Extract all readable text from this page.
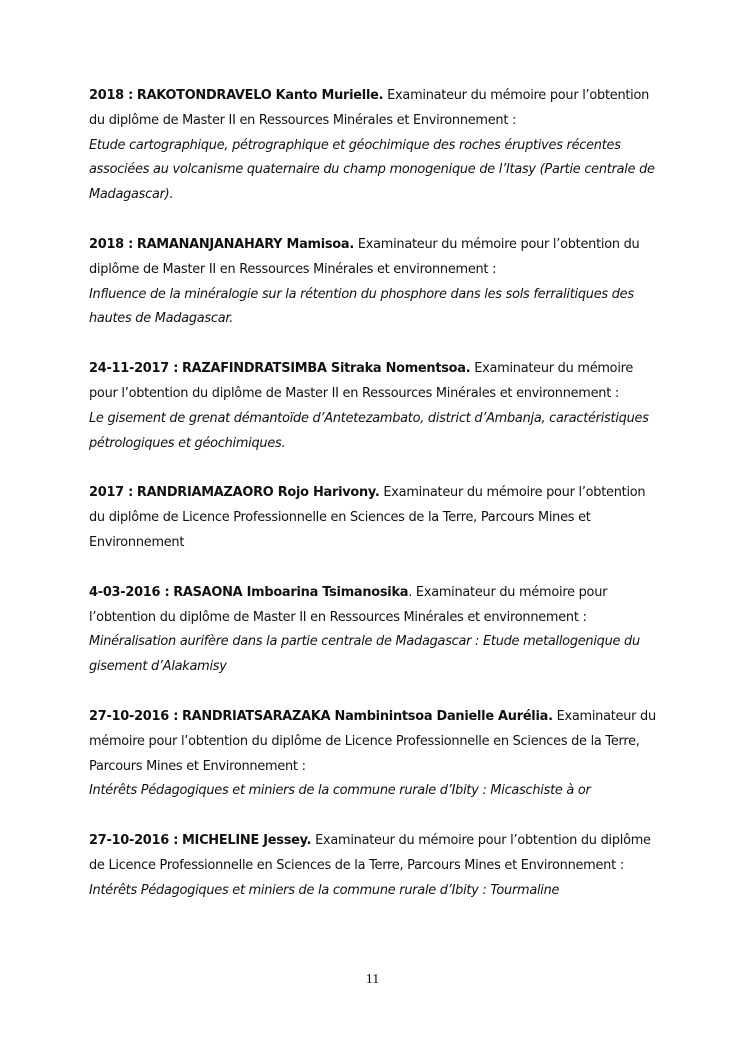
2018 : RAKOTONDRAVELO Kanto Murielle. Examinateur du mémoire pour l’obtention du diplôme de Master II en Ressources Minérales et Environnement :
Etude cartographique, pétrographique et géochimique des roches éruptives récentes associées au volcanisme quaternaire du champ monogenique de l’Itasy (Partie centrale de Madagascar).
2018 : RAMANANJANAHARY Mamisoa. Examinateur du mémoire pour l’obtention du diplôme de Master II en Ressources Minérales et environnement :
Influence de la minéralogie sur la rétention du phosphore dans les sols ferralitiques des hautes de Madagascar.
24-11-2017 : RAZAFINDRATSIMBA Sitraka Nomentsoa. Examinateur du mémoire pour l’obtention du diplôme de Master II en Ressources Minérales et environnement :
Le gisement de grenat démantoïde d’Antetezambato, district d’Ambanja, caractéristiques pétrologiques et géochimiques.
2017 : RANDRIAMAZAORO Rojo Harivony. Examinateur du mémoire pour l’obtention du diplôme de Licence Professionnelle en Sciences de la Terre, Parcours Mines et Environnement
4-03-2016 : RASAONA Imboarina Tsimanosika. Examinateur du mémoire pour l’obtention du diplôme de Master II en Ressources Minérales et environnement :
Minéralisation aurifère dans la partie centrale de Madagascar : Etude metallogenique du gisement d’Alakamisy
27-10-2016 : RANDRIATSARAZAKA Nambinintsoa Danielle Aurélia. Examinateur du mémoire pour l’obtention du diplôme de Licence Professionnelle en Sciences de la Terre, Parcours Mines et Environnement :
Intérêts Pédagogiques et miniers de la commune rurale d’Ibity : Micaschiste à or
27-10-2016 : MICHELINE Jessey. Examinateur du mémoire pour l’obtention du diplôme de Licence Professionnelle en Sciences de la Terre, Parcours Mines et Environnement :
Intérêts Pédagogiques et miniers de la commune rurale d’Ibity : Tourmaline
11
